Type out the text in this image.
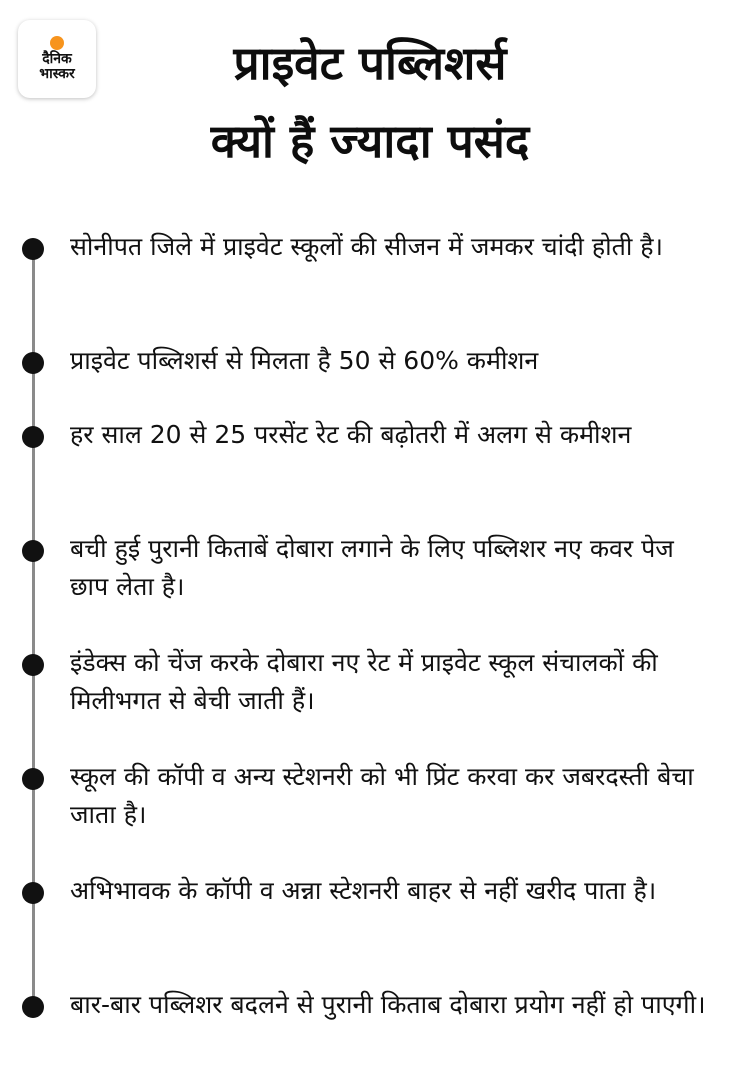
दैनिक
भास्कर	प्राइवेट पब्लिशर्स
क्यों हैं ज्यादा पसंद

सोनीपत जिले में प्राइवेट स्कूलों की सीजन में जमकर चांदी होती है।

प्राइवेट पब्लिशर्स से मिलता है 50 से 60% कमीशन

हर साल 20 से 25 परसेंट रेट की बढ़ोतरी में अलग से कमीशन

बची हुई पुरानी किताबें दोबारा लगाने के लिए पब्लिशर नए कवर पेज छाप लेता है।

इंडेक्स को चेंज करके दोबारा नए रेट में प्राइवेट स्कूल संचालकों की मिलीभगत से बेची जाती हैं।

स्कूल की कॉपी व अन्य स्टेशनरी को भी प्रिंट करवा कर जबरदस्ती बेचा जाता है।

अभिभावक के कॉपी व अन्ना स्टेशनरी बाहर से नहीं खरीद पाता है।

बार-बार पब्लिशर बदलने से पुरानी किताब दोबारा प्रयोग नहीं हो पाएगी।
